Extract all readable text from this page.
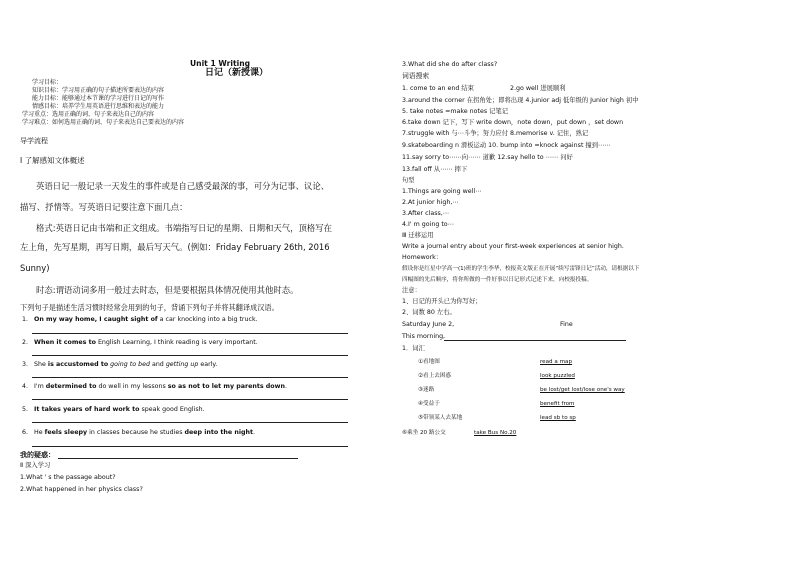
Unit 1 Writing
日记（新授课）
学习目标：
知识目标：学习用正确的句子描述所要表达的内容
能力目标：能够通过本节课的学习进行日记的写作
情感目标：培养学生用英语进行思维和表达的能力
学习重点：选用正确的词、句子来表达自己的内容
学习难点：如何选用正确的词、句子来表达自己要表达的内容
导学流程
Ⅰ 了解感知文体概述
英语日记一般记录一天发生的事件或是自己感受最深的事，可分为记事、议论、
描写、抒情等。写英语日记要注意下面几点：
格式:英语日记由书端和正文组成。书端指写日记的星期、日期和天气，顶格写在
左上角，先写星期，再写日期，最后写天气。(例如：Friday February 26th, 2016
Sunny)
时态:谓语动词多用一般过去时态，但是要根据具体情况使用其他时态。
下列句子是描述生活习惯时经常会用到的句子，背诵下列句子并将其翻译成汉语。
1. On my way home, I caught sight of a car knocking into a big truck.
2. When it comes to English Learning, I think reading is very important.
3. She is accustomed to going to bed and getting up early.
4. I'm determined to do well in my lessons so as not to let my parents down.
5. It takes years of hard work to speak good English.
6. He feels sleepy in classes because he studies deep into the night.
我的疑惑：
Ⅱ 深入学习
1.What ' s the passage about?
2.What happened in her physics class?
3.What did she do after class?
词语搜索
1. come to an end 结束	2.go well 进展顺利
3.around the corner 在拐角处；即将出现 4.junior adj 低年级的 Junior high 初中
5. take notes =make notes 记笔记
6.take down 记下，写下 write down，note down，put down ，set down
7.struggle with 与⋯斗争；努力应付 8.memorise v. 记住，熟记
9.skateboarding n 滑板运动 10. bump into =knock against 撞到⋯⋯
11.say sorry to⋯⋯向⋯⋯ 道歉 12.say hello to ⋯⋯ 问好
13.fall off 从⋯⋯ 摔下
句型
1.Things are going well⋯
2.At junior high,⋯
3.After class,⋯
4.I' m going to⋯
Ⅲ 迁移运用
Write a journal entry about your first-week experiences at senior high.
Homework：
假设你是红星中学高一(1)班的学生李华，校报英文版正在开展“续写雷锋日记”活动，请根据以下
四幅图的先后顺序，将你所做的一件好事以日记形式记述下来，向校报投稿。
注意：
1、日记的开头已为你写好；
2、词数 80 左右。
Saturday June 2,	Fine
This morning,
1．词汇
①看地图	read a map
②看上去困惑	look puzzled
③迷路	be lost/get lost/lose one's way
④受益于	benefit from
⑤带领某人去某地	lead sb to sp
⑥乘坐 20 路公交	take Bus No.20
